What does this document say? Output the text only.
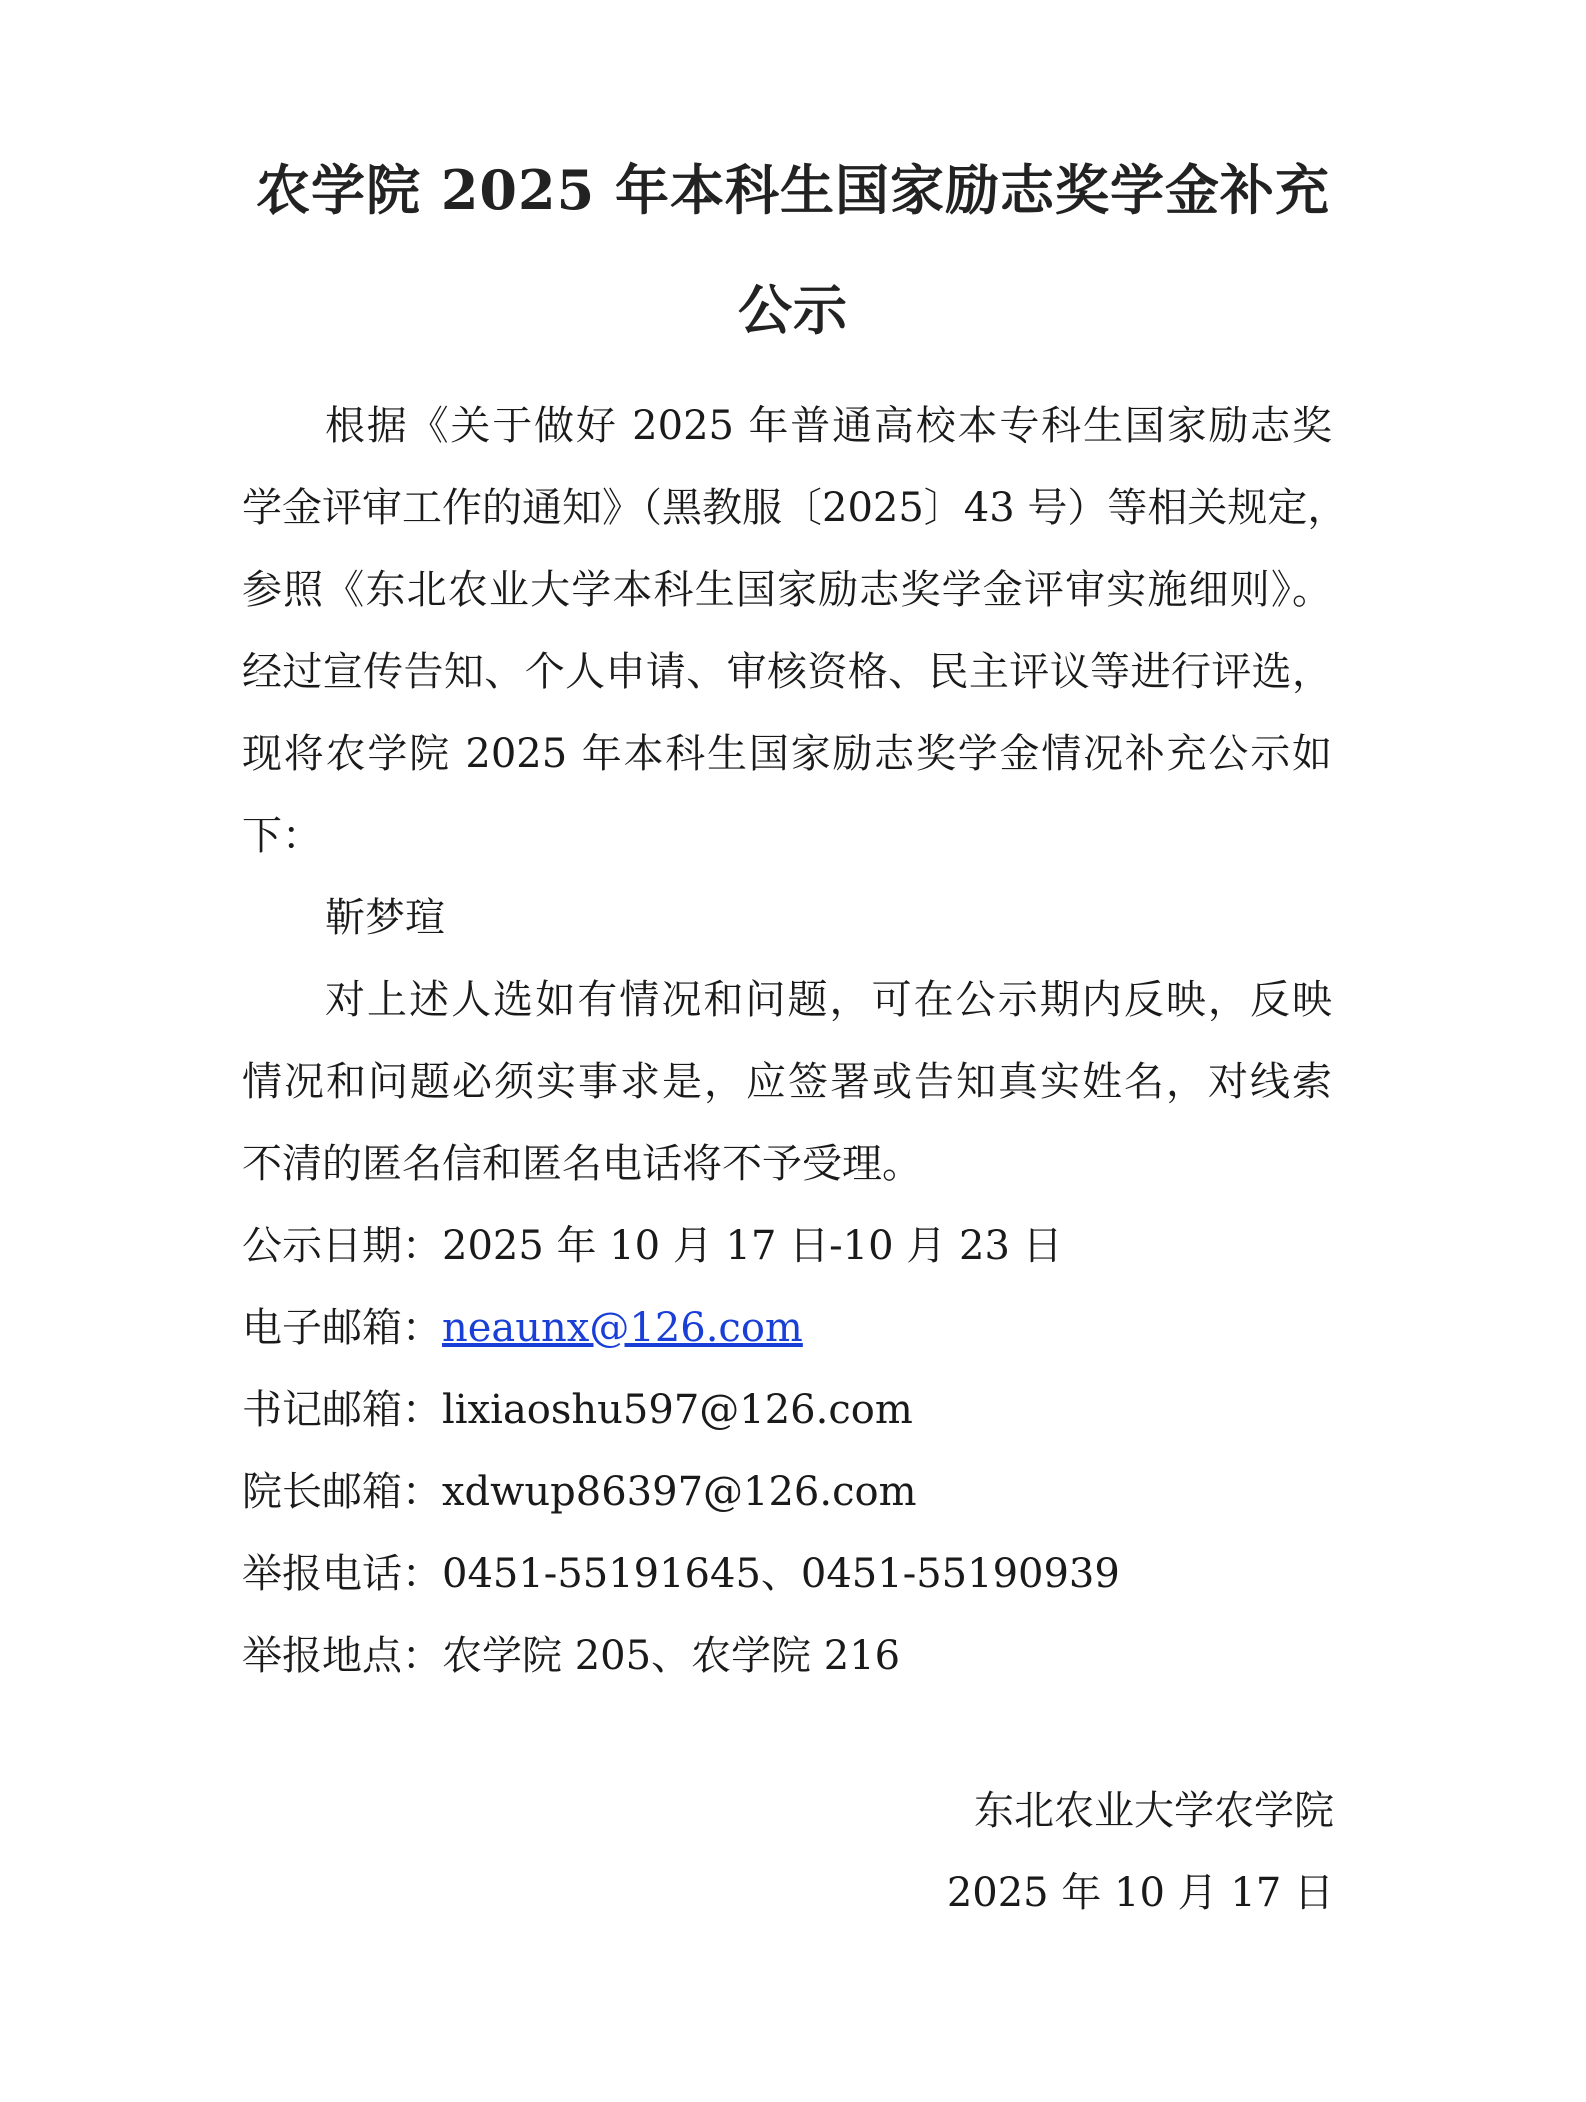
农学院 2025 年本科生国家励志奖学金补充
公示
根据《关于做好 2025 年普通高校本专科生国家励志奖
学金评审工作的通知》（黑教服〔2025〕43 号）等相关规定，
参照《东北农业大学本科生国家励志奖学金评审实施细则》。
经过宣传告知、个人申请、审核资格、民主评议等进行评选，
现将农学院 2025 年本科生国家励志奖学金情况补充公示如
下：
靳梦瑄
对上述人选如有情况和问题，可在公示期内反映，反映
情况和问题必须实事求是，应签署或告知真实姓名，对线索
不清的匿名信和匿名电话将不予受理。
公示日期：2025 年 10 月 17 日-10 月 23 日
电子邮箱：neaunx@126.com
书记邮箱：lixiaoshu597@126.com
院长邮箱：xdwup86397@126.com
举报电话：0451-55191645、0451-55190939
举报地点：农学院 205、农学院 216
东北农业大学农学院
2025 年 10 月 17 日
